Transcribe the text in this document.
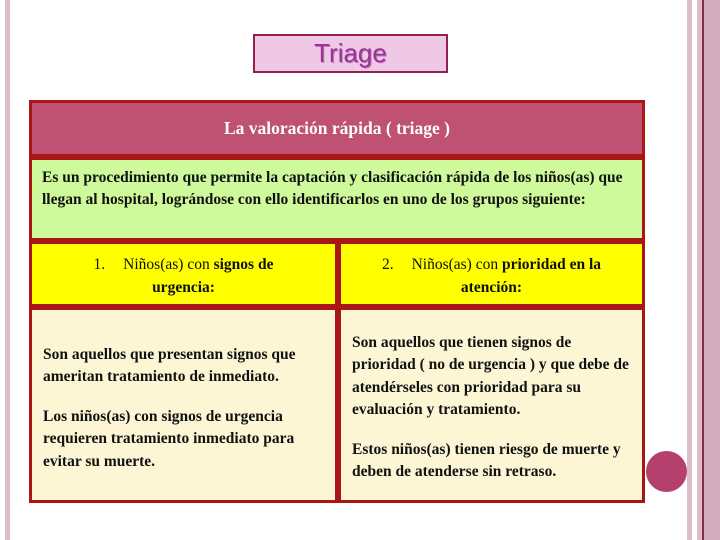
Triage
La valoración rápida ( triage )
Es un procedimiento que permite la captación y clasificación rápida de los niños(as) que llegan al hospital, lográndose con ello identificarlos en uno de los grupos siguiente:
1. Niños(as) con signos de urgencia:
2. Niños(as) con prioridad en la atención:

Son aquellos que presentan signos que ameritan tratamiento de inmediato.

Los niños(as) con signos de urgencia requieren tratamiento inmediato para evitar su muerte.

Son aquellos que tienen signos de prioridad ( no de urgencia ) y que debe de atendérseles con prioridad para su evaluación y tratamiento.

Estos niños(as) tienen riesgo de muerte y deben de atenderse sin retraso.
